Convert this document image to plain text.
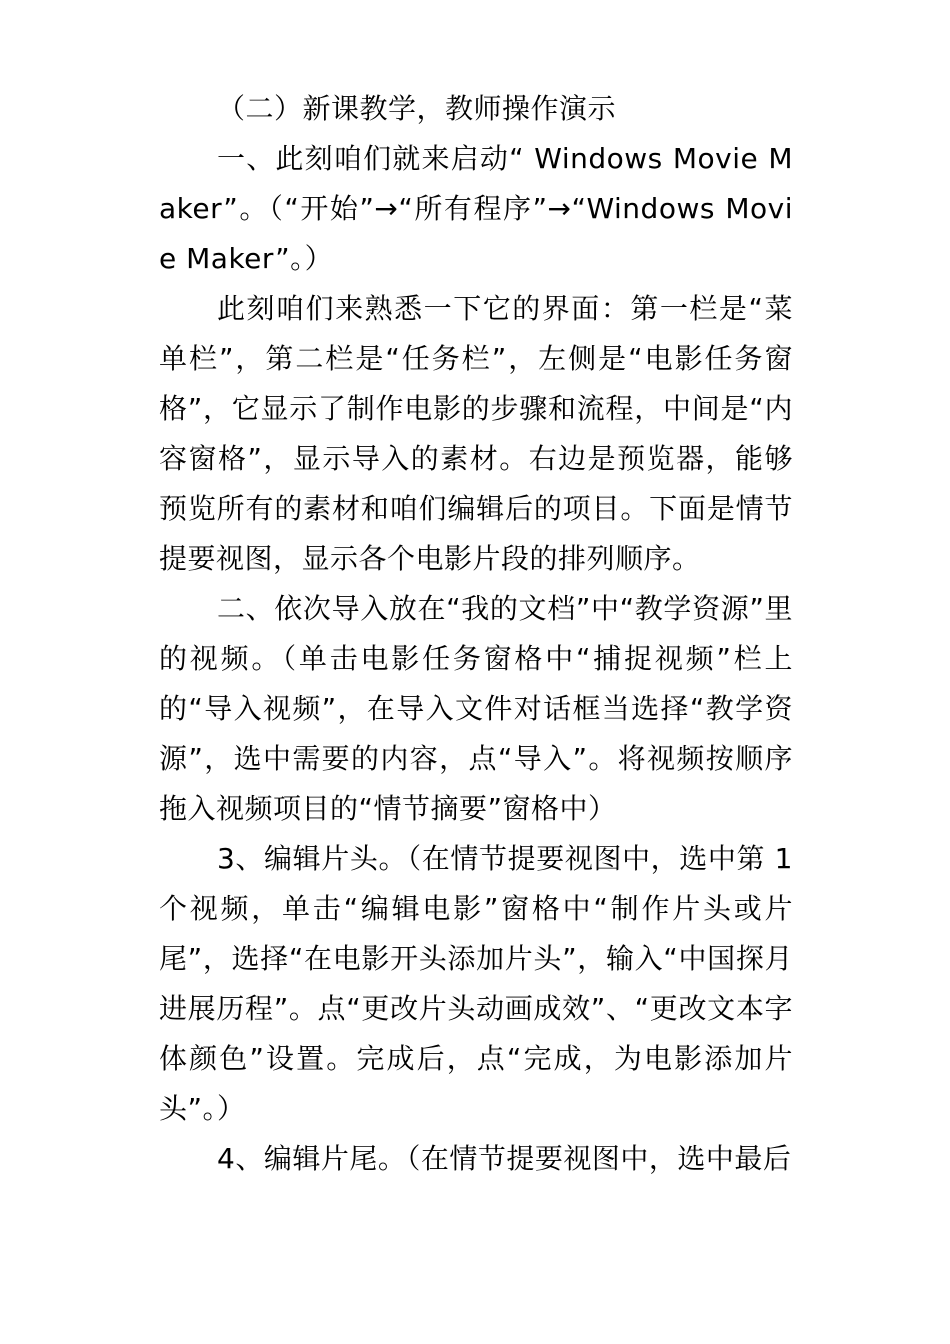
（二）新课教学，教师操作演示

一、此刻咱们就来启动“ Windows Movie Maker”。（“开始”→“所有程序”→“Windows Movie Maker”。）

此刻咱们来熟悉一下它的界面：第一栏是“菜单栏”，第二栏是“任务栏”，左侧是“电影任务窗格”，它显示了制作电影的步骤和流程，中间是“内容窗格”，显示导入的素材。右边是预览器，能够预览所有的素材和咱们编辑后的项目。下面是情节提要视图，显示各个电影片段的排列顺序。

二、依次导入放在“我的文档”中“教学资源”里的视频。（单击电影任务窗格中“捕捉视频”栏上的“导入视频”，在导入文件对话框当选择“教学资源”，选中需要的内容，点“导入”。将视频按顺序拖入视频项目的“情节摘要”窗格中）

3、编辑片头。（在情节提要视图中，选中第 1 个视频，单击“编辑电影”窗格中“制作片头或片尾”，选择“在电影开头添加片头”，输入“中国探月进展历程”。点“更改片头动画成效”、“更改文本字体颜色”设置。完成后，点“完成，为电影添加片头”。）

4、编辑片尾。（在情节提要视图中，选中最后
